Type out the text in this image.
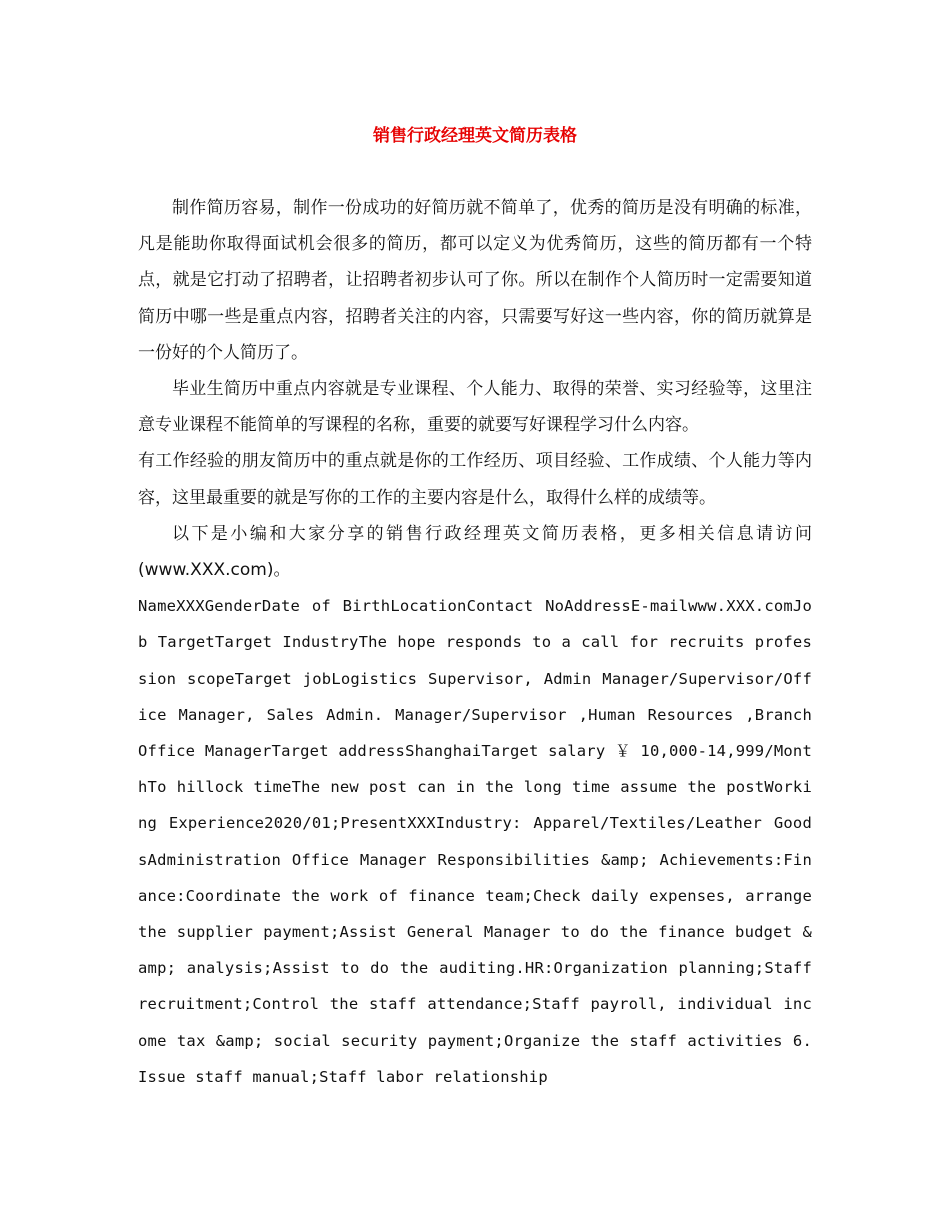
销售行政经理英文简历表格

制作简历容易，制作一份成功的好简历就不简单了，优秀的简历是没有明确的标准，凡是能助你取得面试机会很多的简历，都可以定义为优秀简历，这些的简历都有一个特点，就是它打动了招聘者，让招聘者初步认可了你。所以在制作个人简历时一定需要知道简历中哪一些是重点内容，招聘者关注的内容，只需要写好这一些内容，你的简历就算是一份好的个人简历了。

毕业生简历中重点内容就是专业课程、个人能力、取得的荣誉、实习经验等，这里注意专业课程不能简单的写课程的名称，重要的就要写好课程学习什么内容。

有工作经验的朋友简历中的重点就是你的工作经历、项目经验、工作成绩、个人能力等内容，这里最重要的就是写你的工作的主要内容是什么，取得什么样的成绩等。

以下是小编和大家分享的销售行政经理英文简历表格，更多相关信息请访问(www.XXX.com)。

NameXXXGenderDate of BirthLocationContact NoAddressE-mailwww.XXX.comJob TargetTarget IndustryThe hope responds to a call for recruits profession scopeTarget jobLogistics Supervisor, Admin Manager/Supervisor/Office Manager, Sales Admin. Manager/Supervisor ,Human Resources ,Branch Office ManagerTarget addressShanghaiTarget salary ￥ 10,000-14,999/MonthTo hillock timeThe new post can in the long time assume the postWorking Experience2020/01;PresentXXXIndustry: Apparel/Textiles/Leather GoodsAdministration Office Manager Responsibilities &amp; Achievements:Finance:Coordinate the work of finance team;Check daily expenses, arrange the supplier payment;Assist General Manager to do the finance budget &amp; analysis;Assist to do the auditing.HR:Organization planning;Staff recruitment;Control the staff attendance;Staff payroll, individual income tax &amp; social security payment;Organize the staff activities 6.Issue staff manual;Staff labor relationship
